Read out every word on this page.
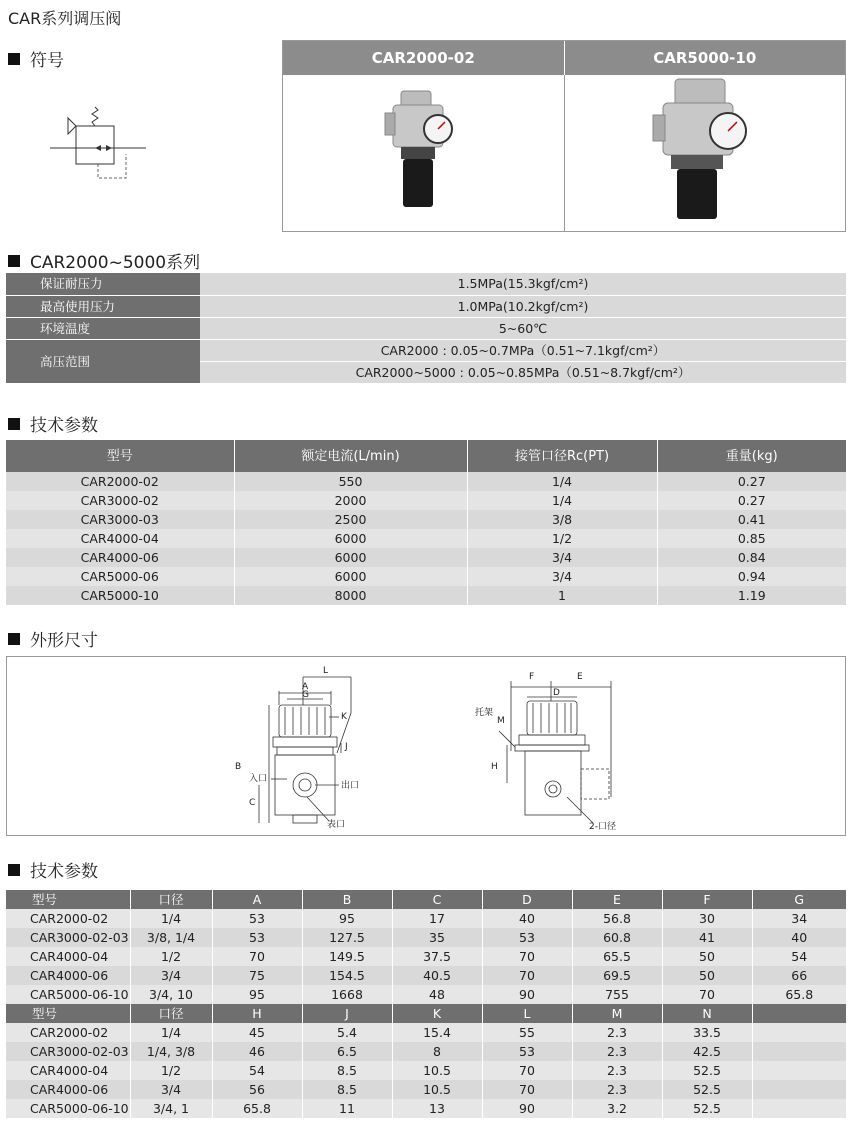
CAR系列调压阀
符号	CAR2000-02	CAR5000-10
CAR2000~5000系列
保证耐压力	1.5MPa(15.3kgf/cm²)
最高使用压力	1.0MPa(10.2kgf/cm²)
环境温度	5~60℃
高压范围	CAR2000 : 0.05~0.7MPa（0.51~7.1kgf/cm²）
	CAR2000~5000 : 0.05~0.85MPa（0.51~8.7kgf/cm²）
技术参数
型号	额定电流(L/min)	接管口径Rc(PT)	重量(kg)
CAR2000-02	550	1/4	0.27
CAR3000-02	2000	1/4	0.27
CAR3000-03	2500	3/8	0.41
CAR4000-04	6000	1/2	0.85
CAR4000-06	6000	3/4	0.84
CAR5000-06	6000	3/4	0.94
CAR5000-10	8000	1	1.19
外形尺寸
L
A
G
K
J
B
C
入口
出口
表口
F	E
D
M
H
托架
2-口径
技术参数
型号	口径	A	B	C	D	E	F	G
CAR2000-02	1/4	53	95	17	40	56.8	30	34
CAR3000-02-03	3/8, 1/4	53	127.5	35	53	60.8	41	40
CAR4000-04	1/2	70	149.5	37.5	70	65.5	50	54
CAR4000-06	3/4	75	154.5	40.5	70	69.5	50	66
CAR5000-06-10	3/4, 10	95	1668	48	90	755	70	65.8
型号	口径	H	J	K	L	M	N	
CAR2000-02	1/4	45	5.4	15.4	55	2.3	33.5	
CAR3000-02-03	1/4, 3/8	46	6.5	8	53	2.3	42.5	
CAR4000-04	1/2	54	8.5	10.5	70	2.3	52.5	
CAR4000-06	3/4	56	8.5	10.5	70	2.3	52.5	
CAR5000-06-10	3/4, 1	65.8	11	13	90	3.2	52.5	
